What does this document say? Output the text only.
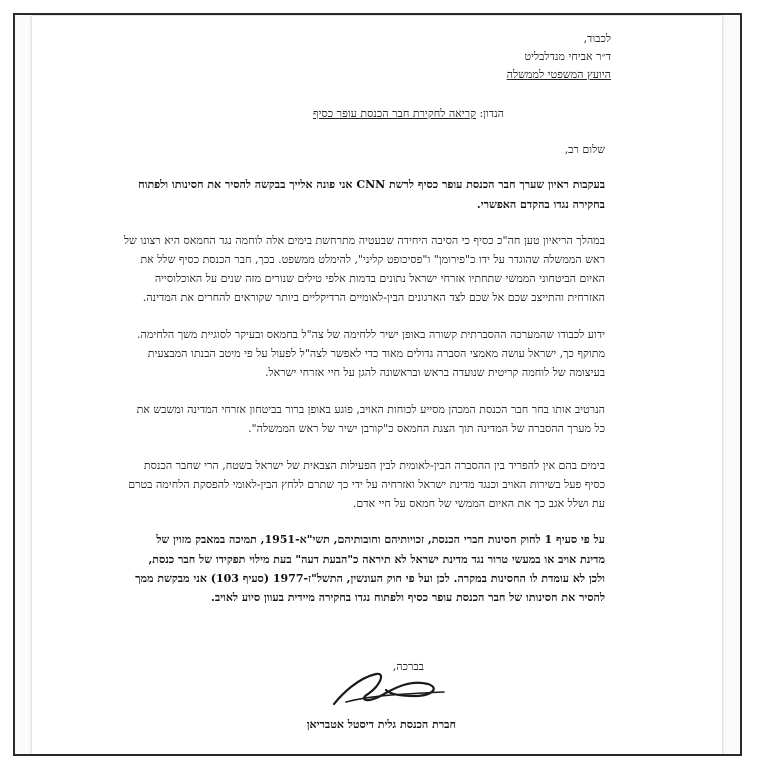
לכבוד,
ד״ר אביחי מנדלבליט
היועץ המשפטי לממשלה
הנדון: קריאה לחקירת חבר הכנסת עופר כסיף
שלום רב,
בעקבות ראיון שערך חבר הכנסת עופר כסיף לרשת CNN אני פונה אלייך בבקשה להסיר את חסינותו ולפתוח
בחקירה נגדו בהקדם האפשרי.
במהלך הריאיון טען חה"כ כסיף כי הסיבה היחידה שבעטיה מתרחשת בימים אלה לוחמה נגד החמאס היא רצונו של
ראש הממשלה שהוגדר על ידו כ"פירומן" ו"פסיכופט קליני", להימלט ממשפט. בכך, חבר הכנסת כסיף שלל את
האיום הביטחוני הממשי שתחתיו אזרחי ישראל נתונים בדמות אלפי טילים שנורים מזה שנים על האוכלוסייה
האזרחית והתייצב שכם אל שכם לצד הארגונים הבין-לאומיים הרדיקליים ביותר שקוראים להחרים את המדינה.
ידוע לכבודו שהמערכה ההסברתית קשורה באופן ישיר ללחימה של צה"ל בחמאס ובעיקר לסוגיית משך הלחימה.
מתוקף כך, ישראל עושה מאמצי הסברה גדולים מאוד כדי לאפשר לצה"ל לפעול על פי מיטב הבנתו המבצעית
בעיצומה של לוחמה קריטית שנועדה בראש ובראשונה להגן על חיי אזרחי ישראל.
הנרטיב אותו בחר חבר הכנסת המכהן מסייע לכוחות האויב, פוגע באופן ברור בביטחון אזרחי המדינה ומשבש את
כל מערך ההסברה של המדינה תוך הצגת החמאס כ"קורבן ישיר של ראש הממשלה".
בימים בהם אין להפריד בין ההסברה הבין-לאומית לבין הפעילות הצבאית של ישראל בשטח, הרי שחבר הכנסת
כסיף פעל בשירות האויב וכנגד מדינת ישראל ואזרחיה על ידי כך שתרם ללחץ הבין-לאומי להפסקת הלחימה בטרם
עת ושלל אגב כך את האיום הממשי של חמאס על חיי אדם.
על פי סעיף 1 לחוק חסינות חברי הכנסת, זכויותיהם וחובותיהם, תשי"א-1951, תמיכה במאבק מזוין של
מדינת אויב או במעשי טרור נגד מדינת ישראל לא תיראה כ"הבעת דעה" בעת מילוי תפקידו של חבר כנסת,
ולכן לא עומדת לו החסינות במקרה. לכן ועל פי חוק העונשין, התשל"ז-1977 (סעיף 103) אני מבקשת ממך
להסיר את חסינותו של חבר הכנסת עופר כסיף ולפתוח נגדו בחקירה מיידית בעוון סיוע לאויב.
בברכה,
חברת הכנסת גלית דיסטל אטבריאן
